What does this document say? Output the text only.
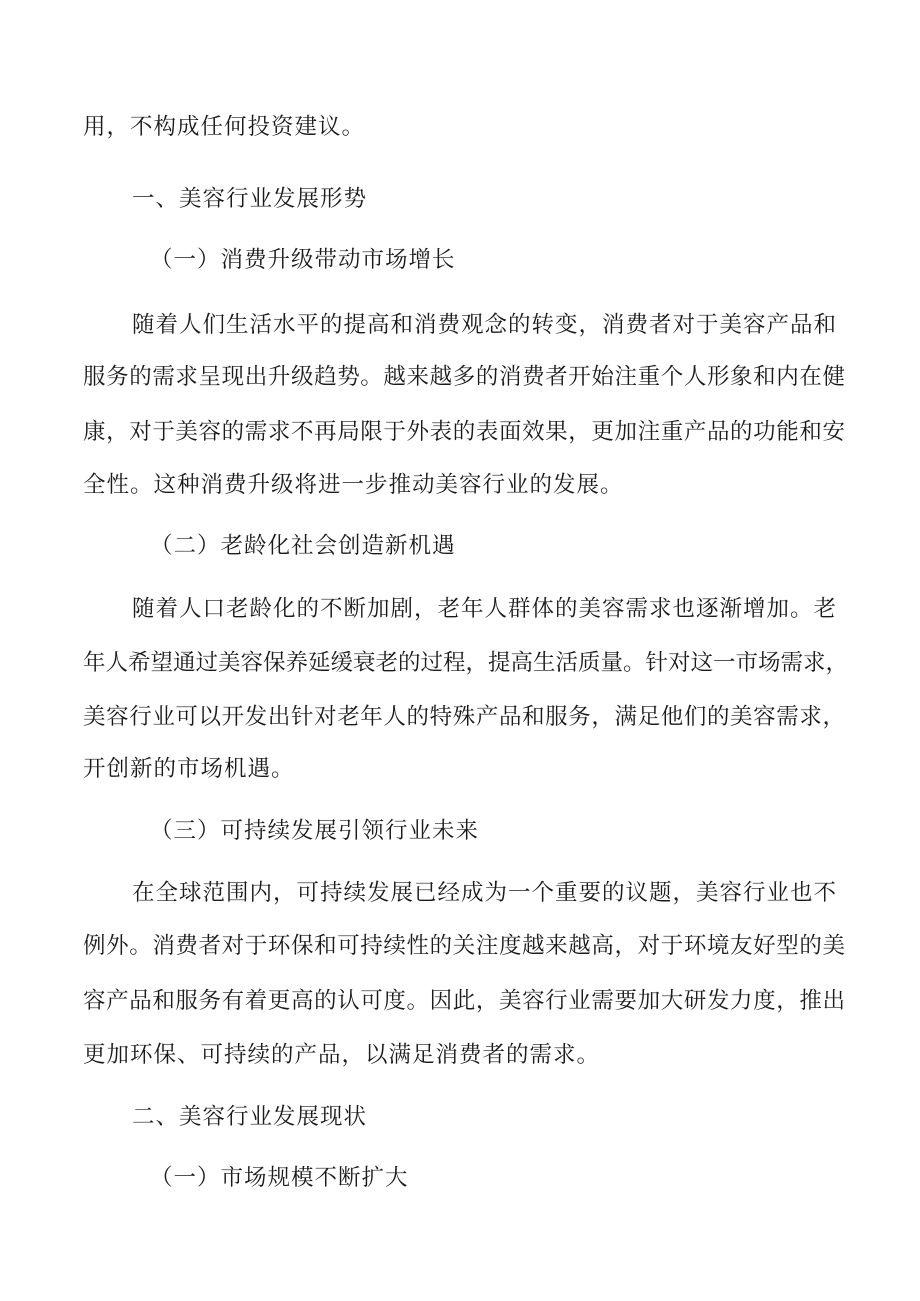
用，不构成任何投资建议。
一、美容行业发展形势
（一）消费升级带动市场增长
随着人们生活水平的提高和消费观念的转变，消费者对于美容产品和
服务的需求呈现出升级趋势。越来越多的消费者开始注重个人形象和内在健
康，对于美容的需求不再局限于外表的表面效果，更加注重产品的功能和安
全性。这种消费升级将进一步推动美容行业的发展。
（二）老龄化社会创造新机遇
随着人口老龄化的不断加剧，老年人群体的美容需求也逐渐增加。老
年人希望通过美容保养延缓衰老的过程，提高生活质量。针对这一市场需求，
美容行业可以开发出针对老年人的特殊产品和服务，满足他们的美容需求，
开创新的市场机遇。
（三）可持续发展引领行业未来
在全球范围内，可持续发展已经成为一个重要的议题，美容行业也不
例外。消费者对于环保和可持续性的关注度越来越高，对于环境友好型的美
容产品和服务有着更高的认可度。因此，美容行业需要加大研发力度，推出
更加环保、可持续的产品，以满足消费者的需求。
二、美容行业发展现状
（一）市场规模不断扩大
